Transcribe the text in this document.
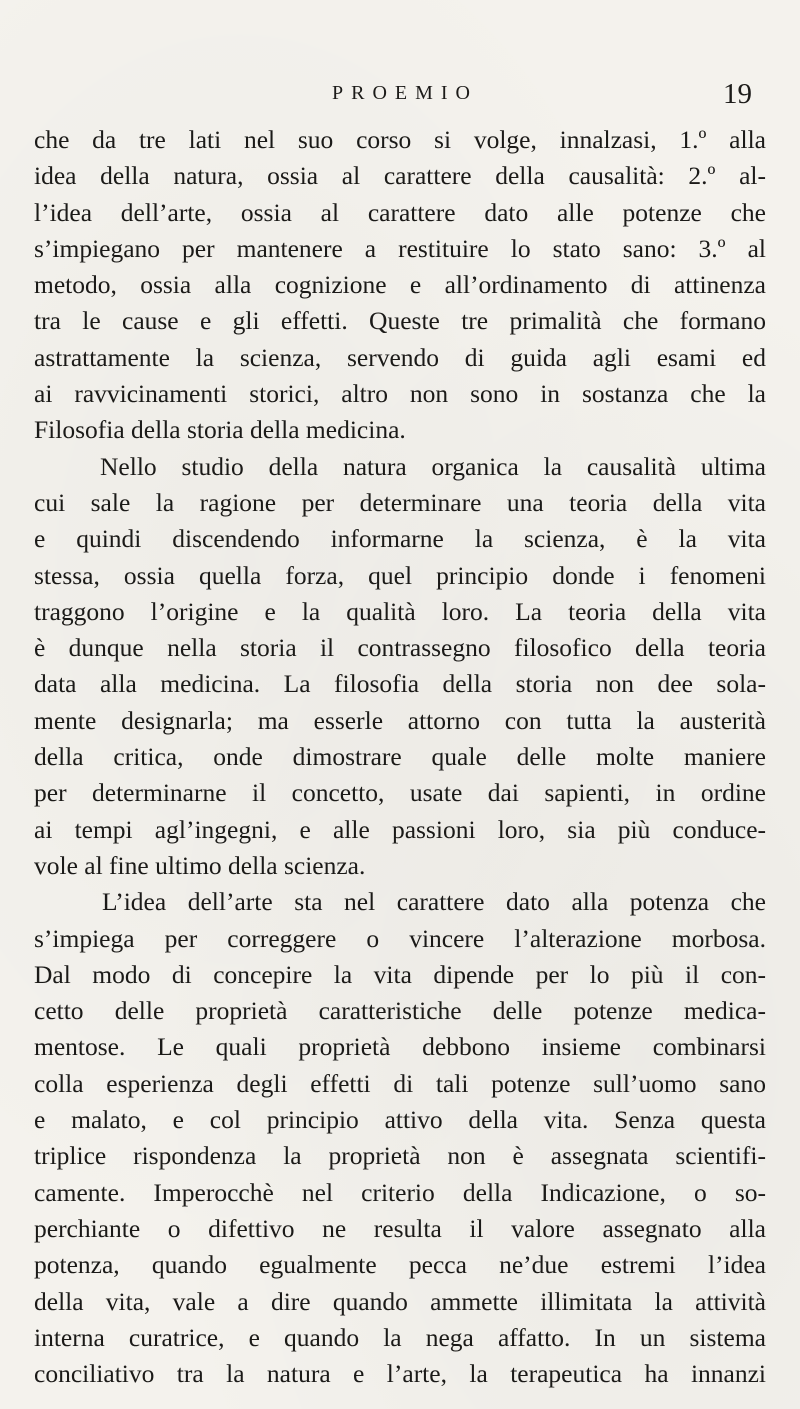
PROEMIO	19
che da tre lati nel suo corso si volge, innalzasi, 1.º alla
idea della natura, ossia al carattere della causalità: 2.º al-
l’idea dell’arte, ossia al carattere dato alle potenze che
s’impiegano per mantenere a restituire lo stato sano: 3.º al
metodo, ossia alla cognizione e all’ordinamento di attinenza
tra le cause e gli effetti. Queste tre primalità che formano
astrattamente la scienza, servendo di guida agli esami ed
ai ravvicinamenti storici, altro non sono in sostanza che la
Filosofia della storia della medicina.
Nello studio della natura organica la causalità ultima
cui sale la ragione per determinare una teoria della vita
e quindi discendendo informarne la scienza, è la vita
stessa, ossia quella forza, quel principio donde i fenomeni
traggono l’origine e la qualità loro. La teoria della vita
è dunque nella storia il contrassegno filosofico della teoria
data alla medicina. La filosofia della storia non dee sola-
mente designarla; ma esserle attorno con tutta la austerità
della critica, onde dimostrare quale delle molte maniere
per determinarne il concetto, usate dai sapienti, in ordine
ai tempi agl’ingegni, e alle passioni loro, sia più conduce-
vole al fine ultimo della scienza.
L’idea dell’arte sta nel carattere dato alla potenza che
s’impiega per correggere o vincere l’alterazione morbosa.
Dal modo di concepire la vita dipende per lo più il con-
cetto delle proprietà caratteristiche delle potenze medica-
mentose. Le quali proprietà debbono insieme combinarsi
colla esperienza degli effetti di tali potenze sull’uomo sano
e malato, e col principio attivo della vita. Senza questa
triplice rispondenza la proprietà non è assegnata scientifi-
camente. Imperocchè nel criterio della Indicazione, o so-
perchiante o difettivo ne resulta il valore assegnato alla
potenza, quando egualmente pecca ne’due estremi l’idea
della vita, vale a dire quando ammette illimitata la attività
interna curatrice, e quando la nega affatto. In un sistema
conciliativo tra la natura e l’arte, la terapeutica ha innanzi
